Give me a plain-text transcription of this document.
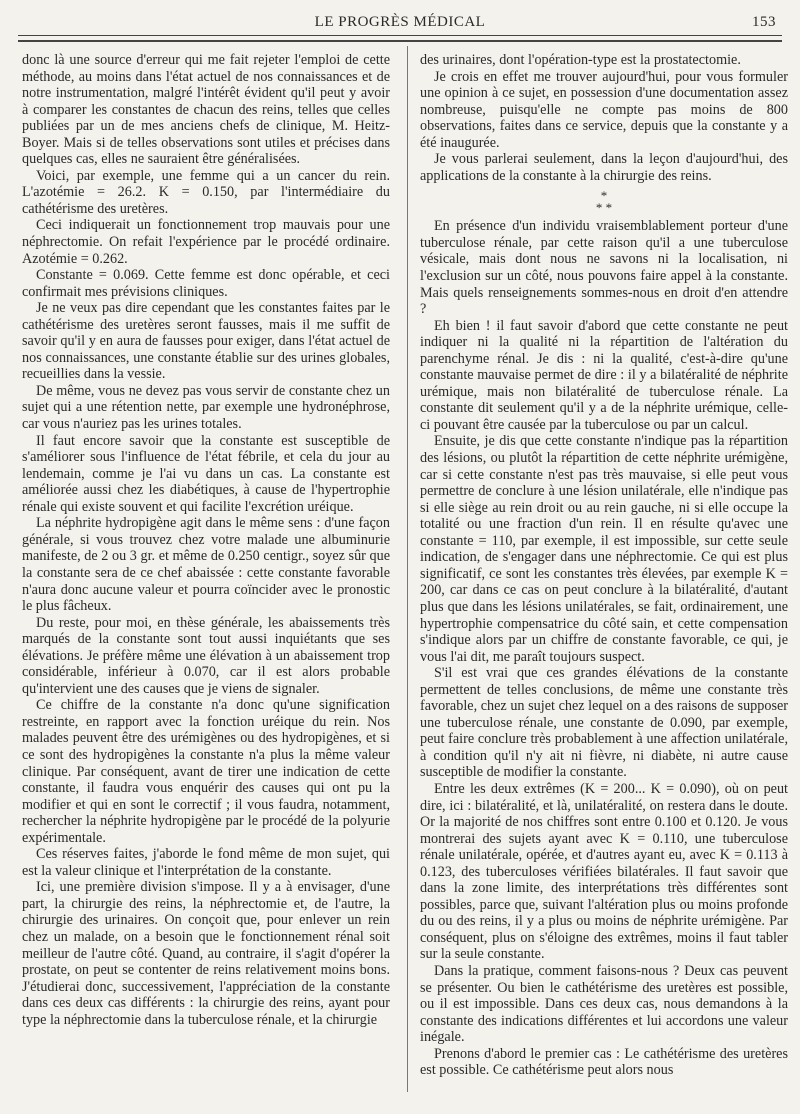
LE PROGRÈS MÉDICAL	153

donc là une source d'erreur qui me fait rejeter l'emploi de cette méthode, au moins dans l'état actuel de nos connaissances et de notre instrumentation, malgré l'intérêt évident qu'il peut y avoir à comparer les constantes de chacun des reins, telles que celles publiées par un de mes anciens chefs de clinique, M. Heitz-Boyer. Mais si de telles observations sont utiles et précises dans quelques cas, elles ne sauraient être généralisées.

Voici, par exemple, une femme qui a un cancer du rein. L'azotémie = 26.2. K = 0.150, par l'intermédiaire du cathétérisme des uretères.

Ceci indiquerait un fonctionnement trop mauvais pour une néphrectomie. On refait l'expérience par le procédé ordinaire. Azotémie = 0.262.

Constante = 0.069. Cette femme est donc opérable, et ceci confirmait mes prévisions cliniques.

Je ne veux pas dire cependant que les constantes faites par le cathétérisme des uretères seront fausses, mais il me suffit de savoir qu'il y en aura de fausses pour exiger, dans l'état actuel de nos connaissances, une constante établie sur des urines globales, recueillies dans la vessie.

De même, vous ne devez pas vous servir de constante chez un sujet qui a une rétention nette, par exemple une hydronéphrose, car vous n'auriez pas les urines totales.

Il faut encore savoir que la constante est susceptible de s'améliorer sous l'influence de l'état fébrile, et cela du jour au lendemain, comme je l'ai vu dans un cas. La constante est améliorée aussi chez les diabétiques, à cause de l'hypertrophie rénale qui existe souvent et qui facilite l'excrétion uréique.

La néphrite hydropigène agit dans le même sens : d'une façon générale, si vous trouvez chez votre malade une albuminurie manifeste, de 2 ou 3 gr. et même de 0.250 centigr., soyez sûr que la constante sera de ce chef abaissée : cette constante favorable n'aura donc aucune valeur et pourra coïncider avec le pronostic le plus fâcheux.

Du reste, pour moi, en thèse générale, les abaissements très marqués de la constante sont tout aussi inquiétants que ses élévations. Je préfère même une élévation à un abaissement trop considérable, inférieur à 0.070, car il est alors probable qu'intervient une des causes que je viens de signaler.

Ce chiffre de la constante n'a donc qu'une signification restreinte, en rapport avec la fonction uréique du rein. Nos malades peuvent être des urémigènes ou des hydropigènes, et si ce sont des hydropigènes la constante n'a plus la même valeur clinique. Par conséquent, avant de tirer une indication de cette constante, il faudra vous enquérir des causes qui ont pu la modifier et qui en sont le correctif ; il vous faudra, notamment, rechercher la néphrite hydropigène par le procédé de la polyurie expérimentale.

Ces réserves faites, j'aborde le fond même de mon sujet, qui est la valeur clinique et l'interprétation de la constante.

Ici, une première division s'impose. Il y a à envisager, d'une part, la chirurgie des reins, la néphrectomie et, de l'autre, la chirurgie des urinaires. On conçoit que, pour enlever un rein chez un malade, on a besoin que le fonctionnement rénal soit meilleur de l'autre côté. Quand, au contraire, il s'agit d'opérer la prostate, on peut se contenter de reins relativement moins bons. J'étudierai donc, successivement, l'appréciation de la constante dans ces deux cas différents : la chirurgie des reins, ayant pour type la néphrectomie dans la tuberculose rénale, et la chirurgie

des urinaires, dont l'opération-type est la prostatectomie.

Je crois en effet me trouver aujourd'hui, pour vous formuler une opinion à ce sujet, en possession d'une documentation assez nombreuse, puisqu'elle ne compte pas moins de 800 observations, faites dans ce service, depuis que la constante y a été inaugurée.

Je vous parlerai seulement, dans la leçon d'aujourd'hui, des applications de la constante à la chirurgie des reins.

*
* *

En présence d'un individu vraisemblablement porteur d'une tuberculose rénale, par cette raison qu'il a une tuberculose vésicale, mais dont nous ne savons ni la localisation, ni l'exclusion sur un côté, nous pouvons faire appel à la constante. Mais quels renseignements sommes-nous en droit d'en attendre ?

Eh bien ! il faut savoir d'abord que cette constante ne peut indiquer ni la qualité ni la répartition de l'altération du parenchyme rénal. Je dis : ni la qualité, c'est-à-dire qu'une constante mauvaise permet de dire : il y a bilatéralité de néphrite urémique, mais non bilatéralité de tuberculose rénale. La constante dit seulement qu'il y a de la néphrite urémique, celle-ci pouvant être causée par la tuberculose ou par un calcul.

Ensuite, je dis que cette constante n'indique pas la répartition des lésions, ou plutôt la répartition de cette néphrite urémigène, car si cette constante n'est pas très mauvaise, si elle peut vous permettre de conclure à une lésion unilatérale, elle n'indique pas si elle siège au rein droit ou au rein gauche, ni si elle occupe la totalité ou une fraction d'un rein. Il en résulte qu'avec une constante = 110, par exemple, il est impossible, sur cette seule indication, de s'engager dans une néphrectomie. Ce qui est plus significatif, ce sont les constantes très élevées, par exemple K = 200, car dans ce cas on peut conclure à la bilatéralité, d'autant plus que dans les lésions unilatérales, se fait, ordinairement, une hypertrophie compensatrice du côté sain, et cette compensation s'indique alors par un chiffre de constante favorable, ce qui, je vous l'ai dit, me paraît toujours suspect.

S'il est vrai que ces grandes élévations de la constante permettent de telles conclusions, de même une constante très favorable, chez un sujet chez lequel on a des raisons de supposer une tuberculose rénale, une constante de 0.090, par exemple, peut faire conclure très probablement à une affection unilatérale, à condition qu'il n'y ait ni fièvre, ni diabète, ni autre cause susceptible de modifier la constante.

Entre les deux extrêmes (K = 200... K = 0.090), où on peut dire, ici : bilatéralité, et là, unilatéralité, on restera dans le doute. Or la majorité de nos chiffres sont entre 0.100 et 0.120. Je vous montrerai des sujets ayant avec K = 0.110, une tuberculose rénale unilatérale, opérée, et d'autres ayant eu, avec K = 0.113 à 0.123, des tuberculoses vérifiées bilatérales. Il faut savoir que dans la zone limite, des interprétations très différentes sont possibles, parce que, suivant l'altération plus ou moins profonde du ou des reins, il y a plus ou moins de néphrite urémigène. Par conséquent, plus on s'éloigne des extrêmes, moins il faut tabler sur la seule constante.

Dans la pratique, comment faisons-nous ? Deux cas peuvent se présenter. Ou bien le cathétérisme des uretères est possible, ou il est impossible. Dans ces deux cas, nous demandons à la constante des indications différentes et lui accordons une valeur inégale.

Prenons d'abord le premier cas : Le cathétérisme des uretères est possible. Ce cathétérisme peut alors nous
